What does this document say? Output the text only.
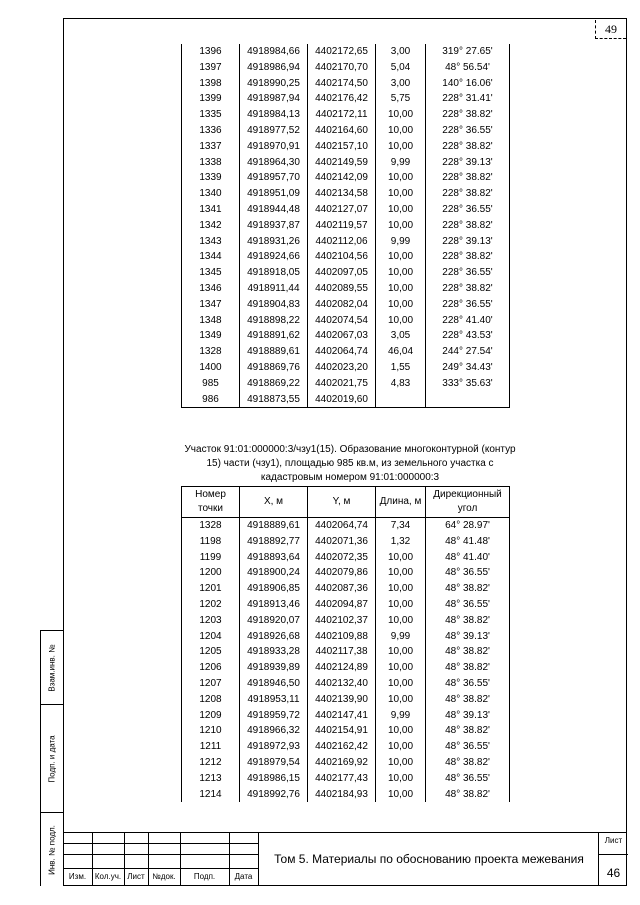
49
Взам.инв. №
Подп. и дата
Инв. № подл.
1396	4918984,66	4402172,65	3,00	319° 27.65'
1397	4918986,94	4402170,70	5,04	48° 56.54'
1398	4918990,25	4402174,50	3,00	140° 16.06'
1399	4918987,94	4402176,42	5,75	228° 31.41'
1335	4918984,13	4402172,11	10,00	228° 38.82'
1336	4918977,52	4402164,60	10,00	228° 36.55'
1337	4918970,91	4402157,10	10,00	228° 38.82'
1338	4918964,30	4402149,59	9,99	228° 39.13'
1339	4918957,70	4402142,09	10,00	228° 38.82'
1340	4918951,09	4402134,58	10,00	228° 38.82'
1341	4918944,48	4402127,07	10,00	228° 36.55'
1342	4918937,87	4402119,57	10,00	228° 38.82'
1343	4918931,26	4402112,06	9,99	228° 39.13'
1344	4918924,66	4402104,56	10,00	228° 38.82'
1345	4918918,05	4402097,05	10,00	228° 36.55'
1346	4918911,44	4402089,55	10,00	228° 38.82'
1347	4918904,83	4402082,04	10,00	228° 36.55'
1348	4918898,22	4402074,54	10,00	228° 41.40'
1349	4918891,62	4402067,03	3,05	228° 43.53'
1328	4918889,61	4402064,74	46,04	244° 27.54'
1400	4918869,76	4402023,20	1,55	249° 34.43'
985	4918869,22	4402021,75	4,83	333° 35.63'
986	4918873,55	4402019,60		
Участок 91:01:000000:3/чзу1(15). Образование многоконтурной (контур 15) части (чзу1), площадью 985 кв.м, из земельного участка с кадастровым номером 91:01:000000:3
Номер точки	X, м	Y, м	Длина, м	Дирекционный угол
1328	4918889,61	4402064,74	7,34	64° 28.97'
1198	4918892,77	4402071,36	1,32	48° 41.48'
1199	4918893,64	4402072,35	10,00	48° 41.40'
1200	4918900,24	4402079,86	10,00	48° 36.55'
1201	4918906,85	4402087,36	10,00	48° 38.82'
1202	4918913,46	4402094,87	10,00	48° 36.55'
1203	4918920,07	4402102,37	10,00	48° 38.82'
1204	4918926,68	4402109,88	9,99	48° 39.13'
1205	4918933,28	4402117,38	10,00	48° 38.82'
1206	4918939,89	4402124,89	10,00	48° 38.82'
1207	4918946,50	4402132,40	10,00	48° 36.55'
1208	4918953,11	4402139,90	10,00	48° 38.82'
1209	4918959,72	4402147,41	9,99	48° 39.13'
1210	4918966,32	4402154,91	10,00	48° 38.82'
1211	4918972,93	4402162,42	10,00	48° 36.55'
1212	4918979,54	4402169,92	10,00	48° 38.82'
1213	4918986,15	4402177,43	10,00	48° 36.55'
1214	4918992,76	4402184,93	10,00	48° 38.82'
Изм.	Кол.уч. Лист №док.	Подп.	Дата
Том 5. Материалы по обоснованию проекта межевания
Лист
46
